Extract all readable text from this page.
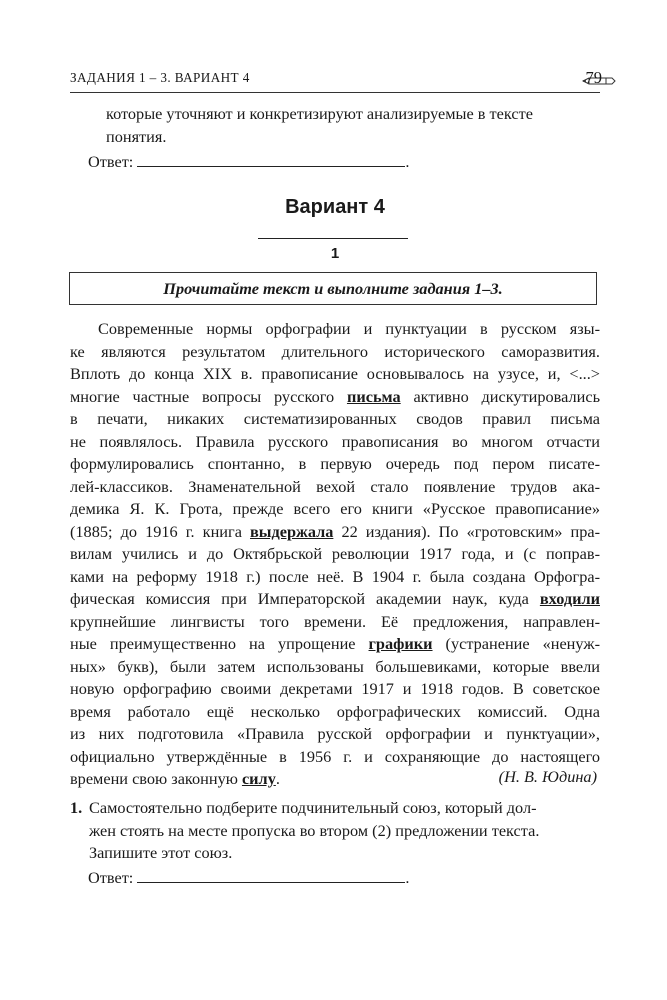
ЗАДАНИЯ 1 – 3. ВАРИАНТ 4	79
которые уточняют и конкретизируют анализируемые в тексте
понятия.
Ответ:	.
Вариант 4
1
Прочитайте текст и выполните задания 1–3.
Современные нормы орфографии и пунктуации в русском язы-
ке являются результатом длительного исторического саморазвития.
Вплоть до конца XIX в. правописание основывалось на узусе, и, <...>
многие частные вопросы русского письма активно дискутировались
в печати, никаких систематизированных сводов правил письма
не появлялось. Правила русского правописания во многом отчасти
формулировались спонтанно, в первую очередь под пером писате-
лей-классиков. Знаменательной вехой стало появление трудов ака-
демика Я. К. Грота, прежде всего его книги «Русское правописание»
(1885; до 1916 г. книга выдержала 22 издания). По «гротовским» пра-
вилам учились и до Октябрьской революции 1917 года, и (с поправ-
ками на реформу 1918 г.) после неё. В 1904 г. была создана Орфогра-
фическая комиссия при Императорской академии наук, куда входили
крупнейшие лингвисты того времени. Её предложения, направлен-
ные преимущественно на упрощение графики (устранение «ненуж-
ных» букв), были затем использованы большевиками, которые ввели
новую орфографию своими декретами 1917 и 1918 годов. В советское
время работало ещё несколько орфографических комиссий. Одна
из них подготовила «Правила русской орфографии и пунктуации»,
официально утверждённые в 1956 г. и сохраняющие до настоящего
времени свою законную силу.	(Н. В. Юдина)
1. Самостоятельно подберите подчинительный союз, который дол-
жен стоять на месте пропуска во втором (2) предложении текста.
Запишите этот союз.
Ответ:	.
